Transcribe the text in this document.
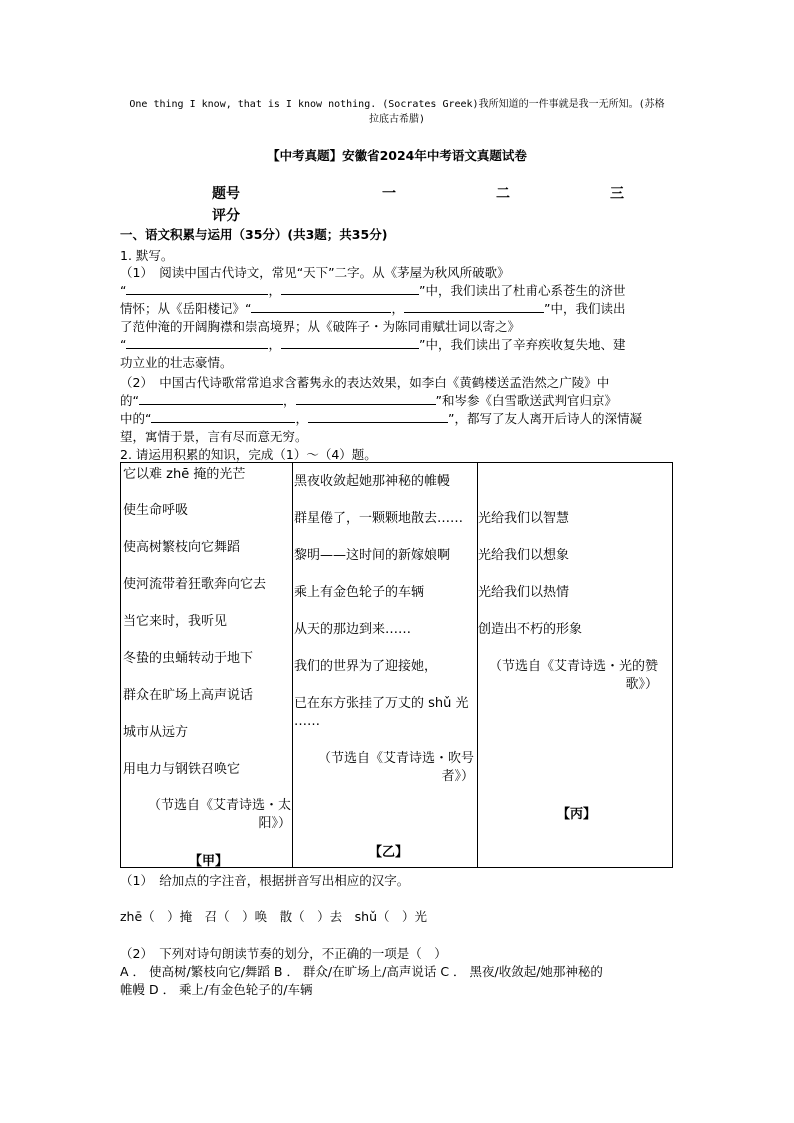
One thing I know, that is I know nothing. (Socrates Greek)我所知道的一件事就是我一无所知。(苏格
拉底古希腊)
【中考真题】安徽省2024年中考语文真题试卷
题号	一	二	三
评分
一、语文积累与运用（35分）(共3题；共35分)
1. 默写。
（1）　阅读中国古代诗文，常见“天下”二字。从《茅屋为秋风所破歌》
“	，	”中，我们读出了杜甫心系苍生的济世
情怀；从《岳阳楼记》“	，	”中，我们读出
了范仲淹的开阔胸襟和崇高境界；从《破阵子・为陈同甫赋壮词以寄之》
“	，	”中，我们读出了辛弃疾收复失地、建
功立业的壮志豪情。
（2）　中国古代诗歌常常追求含蓄隽永的表达效果，如李白《黄鹤楼送孟浩然之广陵》中
的“	，	”和岑参《白雪歌送武判官归京》
中的“	，	”，都写了友人离开后诗人的深情凝
望，寓情于景，言有尽而意无穷。
2. 请运用积累的知识，完成（1）～（4）题。
它以难 zhē 掩的光芒
使生命呼吸
使高树繁枝向它舞蹈
使河流带着狂歌奔向它去
当它来时，我听见
冬蛰的虫蛹转动于地下
群众在旷场上高声说话
城市从远方
用电力与钢铁召唤它
（节选自《艾青诗选・太
阳》）
【甲】
黑夜收敛起她那神秘的帷幔
群星倦了，一颗颗地散去……
黎明——这时间的新嫁娘啊
乘上有金色轮子的车辆
从天的那边到来……
我们的世界为了迎接她，
已在东方张挂了万丈的 shǔ 光
……
（节选自《艾青诗选・吹号
者》）
【乙】
光给我们以智慧
光给我们以想象
光给我们以热情
创造出不朽的形象
（节选自《艾青诗选・光的赞
歌》）
【丙】
（1）　给加点的字注音，根据拼音写出相应的汉字。
zhē（　）掩　召（　）唤　散（　）去　shǔ（　）光
（2）　下列对诗句朗读节奏的划分，不正确的一项是（　）
A ． 使高树/繁枝向它/舞蹈 B ． 群众/在旷场上/高声说话 C ． 黑夜/收敛起/她那神秘的
帷幔 D ． 乘上/有金色轮子的/车辆
